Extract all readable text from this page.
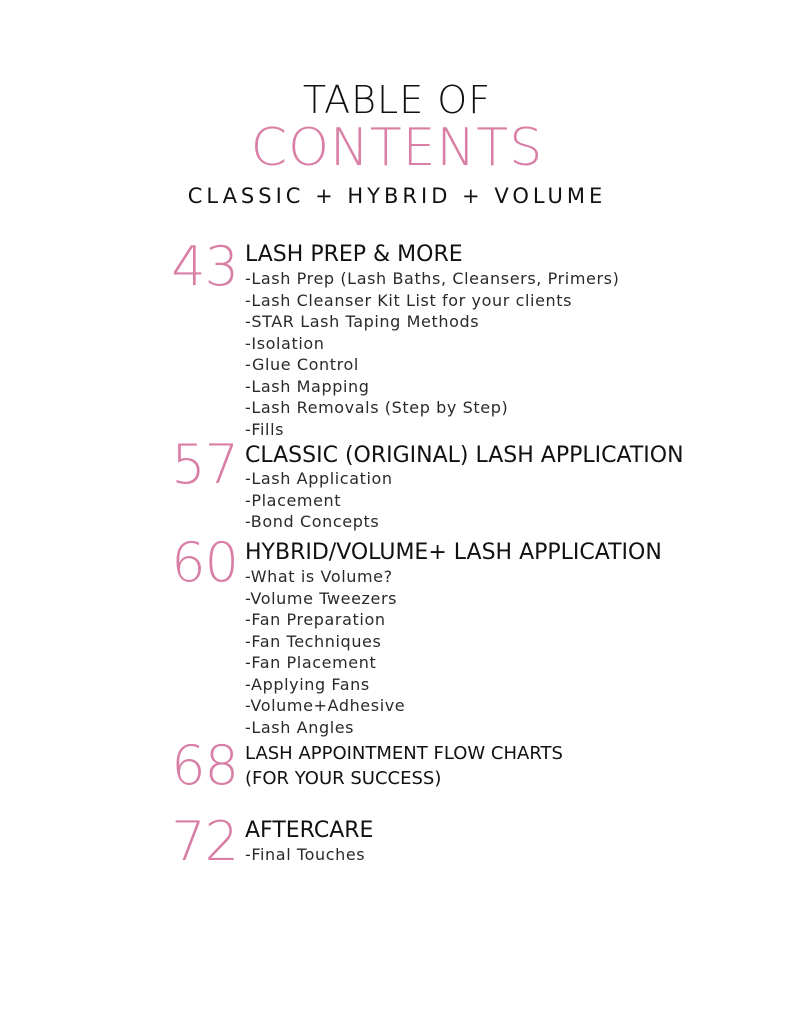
TABLE OF
CONTENTS
CLASSIC + HYBRID + VOLUME
43 LASH PREP & MORE
-Lash Prep (Lash Baths, Cleansers, Primers)
-Lash Cleanser Kit List for your clients
-STAR Lash Taping Methods
-Isolation
-Glue Control
-Lash Mapping
-Lash Removals (Step by Step)
-Fills
57 CLASSIC (ORIGINAL) LASH APPLICATION
-Lash Application
-Placement
-Bond Concepts
60 HYBRID/VOLUME+ LASH APPLICATION
-What is Volume?
-Volume Tweezers
-Fan Preparation
-Fan Techniques
-Fan Placement
-Applying Fans
-Volume+Adhesive
-Lash Angles
68 LASH APPOINTMENT FLOW CHARTS
(FOR YOUR SUCCESS)
72 AFTERCARE
-Final Touches
